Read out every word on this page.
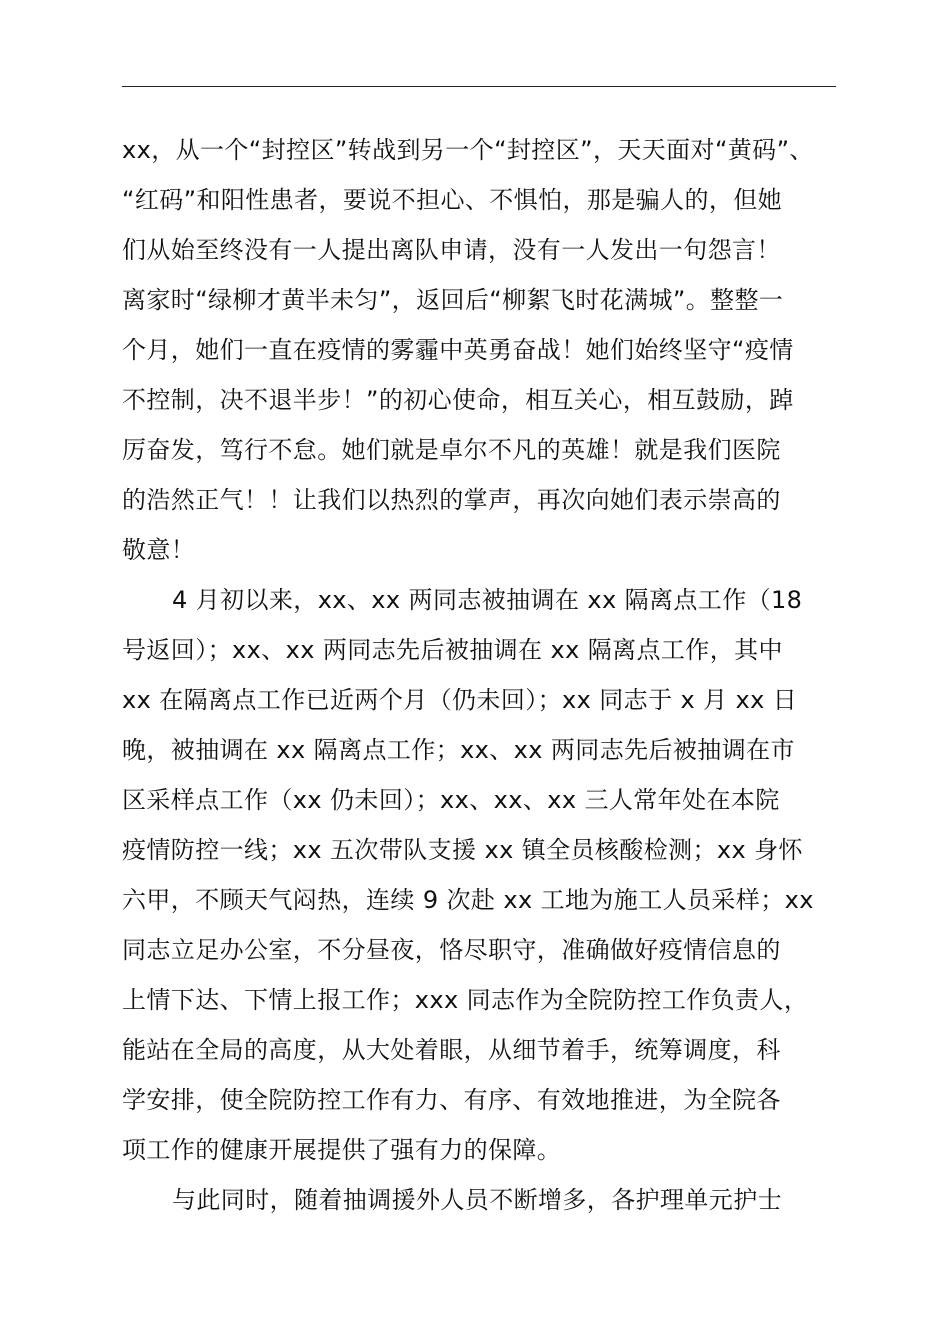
xx，从一个“封控区”转战到另一个“封控区”，天天面对“黄码”、
“红码”和阳性患者，要说不担心、不惧怕，那是骗人的，但她
们从始至终没有一人提出离队申请，没有一人发出一句怨言！
离家时“绿柳才黄半未匀”，返回后“柳絮飞时花满城”。整整一
个月，她们一直在疫情的雾霾中英勇奋战！她们始终坚守“疫情
不控制，决不退半步！”的初心使命，相互关心，相互鼓励，踔
厉奋发，笃行不怠。她们就是卓尔不凡的英雄！就是我们医院
的浩然正气！！让我们以热烈的掌声，再次向她们表示崇高的
敬意！
4 月初以来，xx、xx 两同志被抽调在 xx 隔离点工作（18
号返回）；xx、xx 两同志先后被抽调在 xx 隔离点工作，其中
xx 在隔离点工作已近两个月（仍未回）；xx 同志于 x 月 xx 日
晚，被抽调在 xx 隔离点工作；xx、xx 两同志先后被抽调在市
区采样点工作（xx 仍未回）；xx、xx、xx 三人常年处在本院
疫情防控一线；xx 五次带队支援 xx 镇全员核酸检测；xx 身怀
六甲，不顾天气闷热，连续 9 次赴 xx 工地为施工人员采样；xx
同志立足办公室，不分昼夜，恪尽职守，准确做好疫情信息的
上情下达、下情上报工作；xxx 同志作为全院防控工作负责人，
能站在全局的高度，从大处着眼，从细节着手，统筹调度，科
学安排，使全院防控工作有力、有序、有效地推进，为全院各
项工作的健康开展提供了强有力的保障。
与此同时，随着抽调援外人员不断增多，各护理单元护士
